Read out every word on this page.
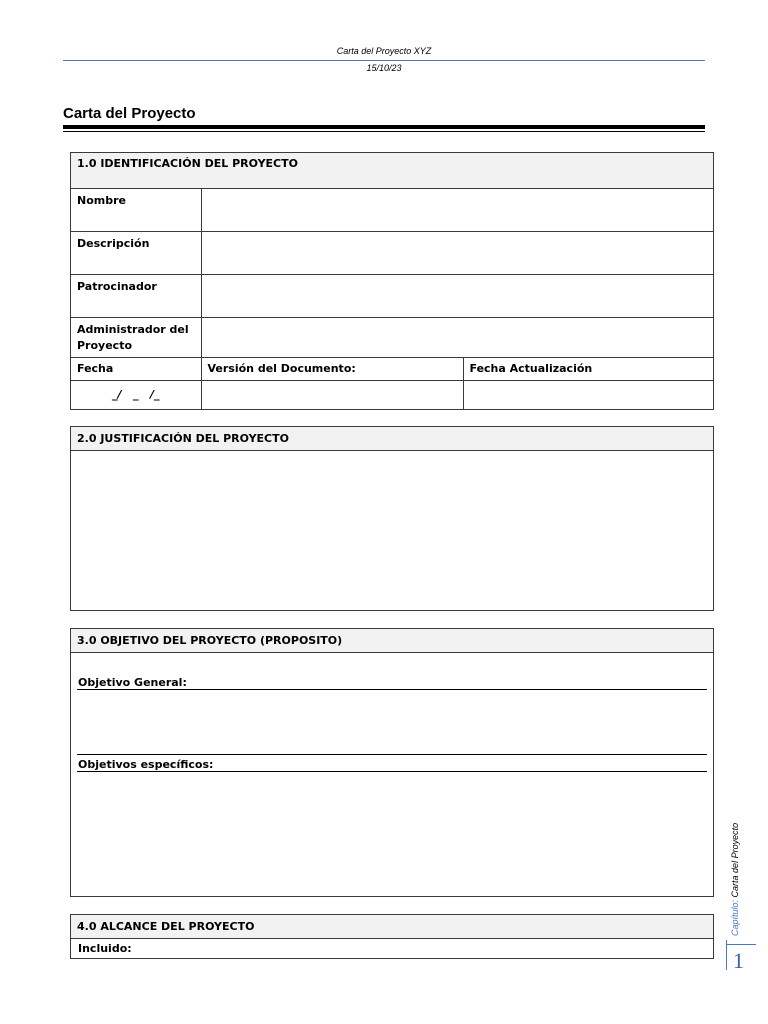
Carta del Proyecto XYZ
15/10/23
Carta del Proyecto
1.0 IDENTIFICACIÓN DEL PROYECTO
Nombre		
Descripción		
Patrocinador		
Administrador del Proyecto		
Fecha	Versión del Documento:	Fecha Actualización
_/   _   /_		
2.0 JUSTIFICACIÓN DEL PROYECTO
3.0 OBJETIVO DEL PROYECTO (PROPOSITO)
Objetivo General:
Objetivos específicos:
4.0 ALCANCE DEL PROYECTO
Incluido:
Capítulo: Carta del Proyecto
1
